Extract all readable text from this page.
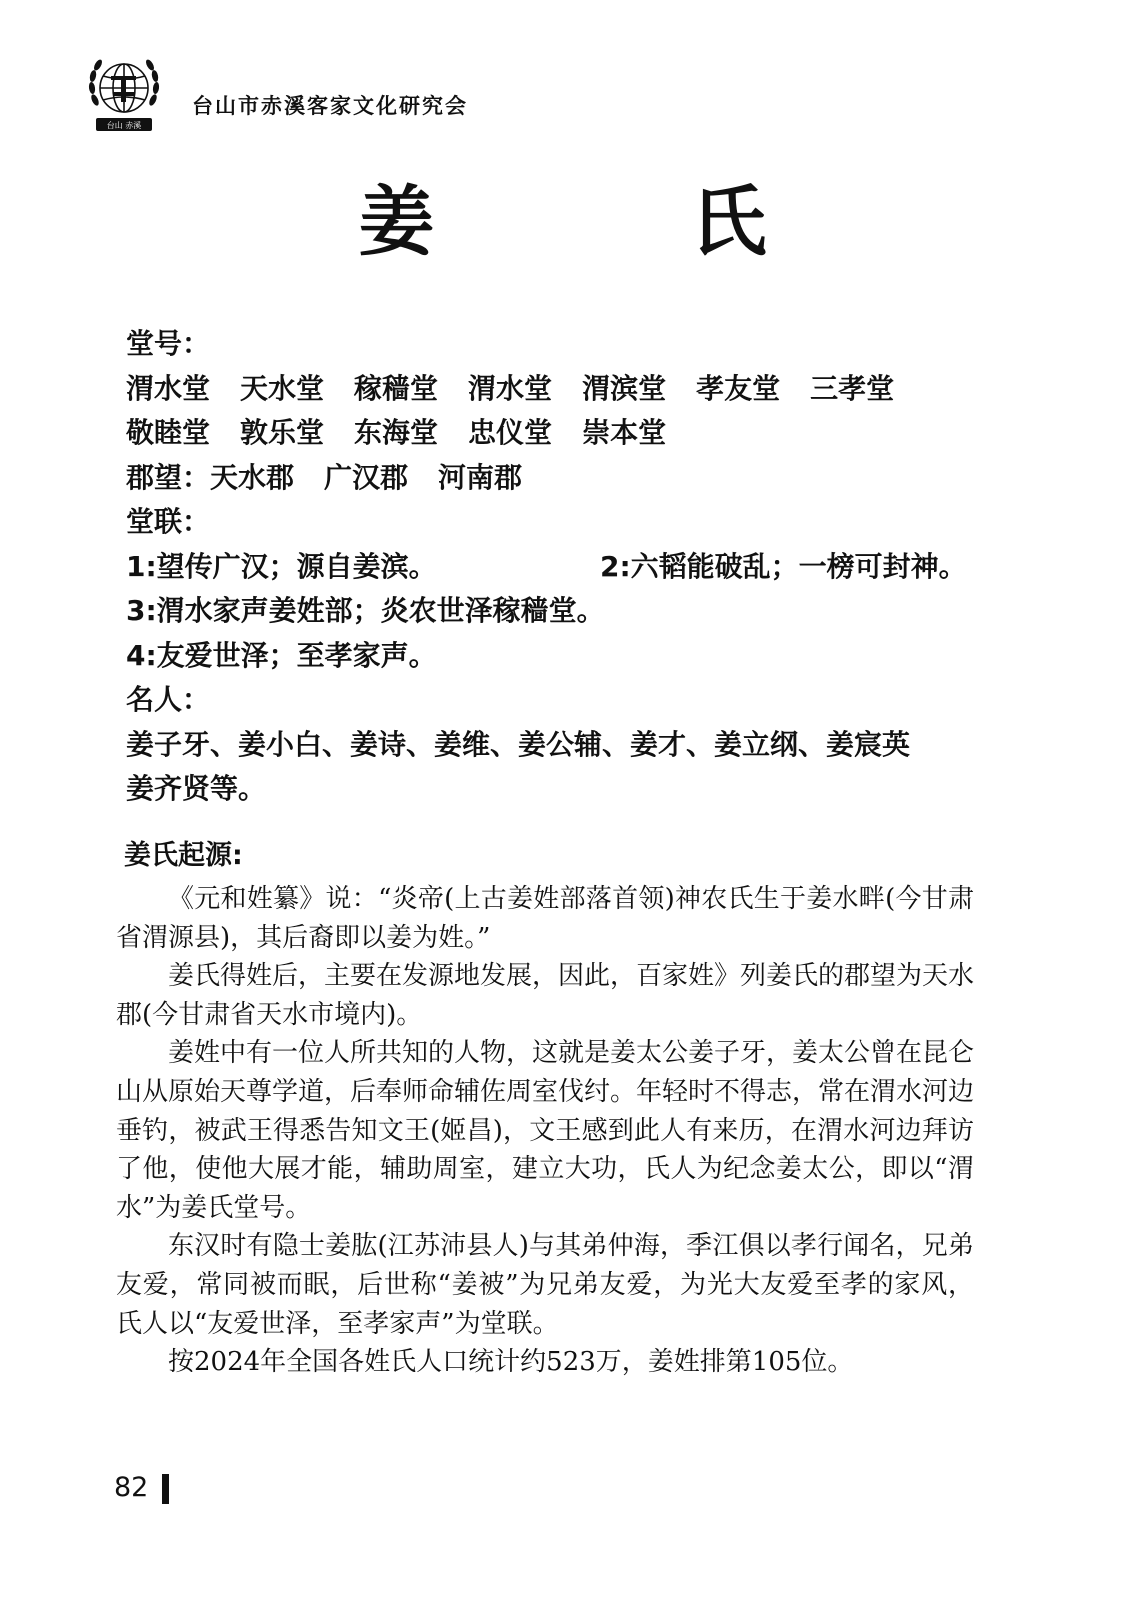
台山 赤溪
台山市赤溪客家文化研究会
姜　氏
堂号：
渭水堂 天水堂 稼穑堂 渭水堂 渭滨堂 孝友堂 三孝堂
敬睦堂 敦乐堂 东海堂 忠仪堂 崇本堂
郡望：天水郡 广汉郡 河南郡
堂联：
1:望传广汉；源自姜滨。	2:六韬能破乱；一榜可封神。
3:渭水家声姜姓部；炎农世泽稼穑堂。
4:友爱世泽；至孝家声。
名人：
姜子牙、姜小白、姜诗、姜维、姜公辅、姜才、姜立纲、姜宸英
姜齐贤等。
姜氏起源:

《元和姓纂》说：“炎帝(上古姜姓部落首领)神农氏生于姜水畔(今甘肃省渭源县)，其后裔即以姜为姓。”

姜氏得姓后，主要在发源地发展，因此，百家姓》列姜氏的郡望为天水郡(今甘肃省天水市境内)。

姜姓中有一位人所共知的人物，这就是姜太公姜子牙，姜太公曾在昆仑山从原始天尊学道，后奉师命辅佐周室伐纣。年轻时不得志，常在渭水河边垂钓，被武王得悉告知文王(姬昌)，文王感到此人有来历，在渭水河边拜访了他，使他大展才能，辅助周室，建立大功，氏人为纪念姜太公，即以“渭水”为姜氏堂号。

东汉时有隐士姜肱(江苏沛县人)与其弟仲海，季江俱以孝行闻名，兄弟友爱，常同被而眠，后世称“姜被”为兄弟友爱，为光大友爱至孝的家风，氏人以“友爱世泽，至孝家声”为堂联。

按2024年全国各姓氏人口统计约523万，姜姓排第105位。

82
